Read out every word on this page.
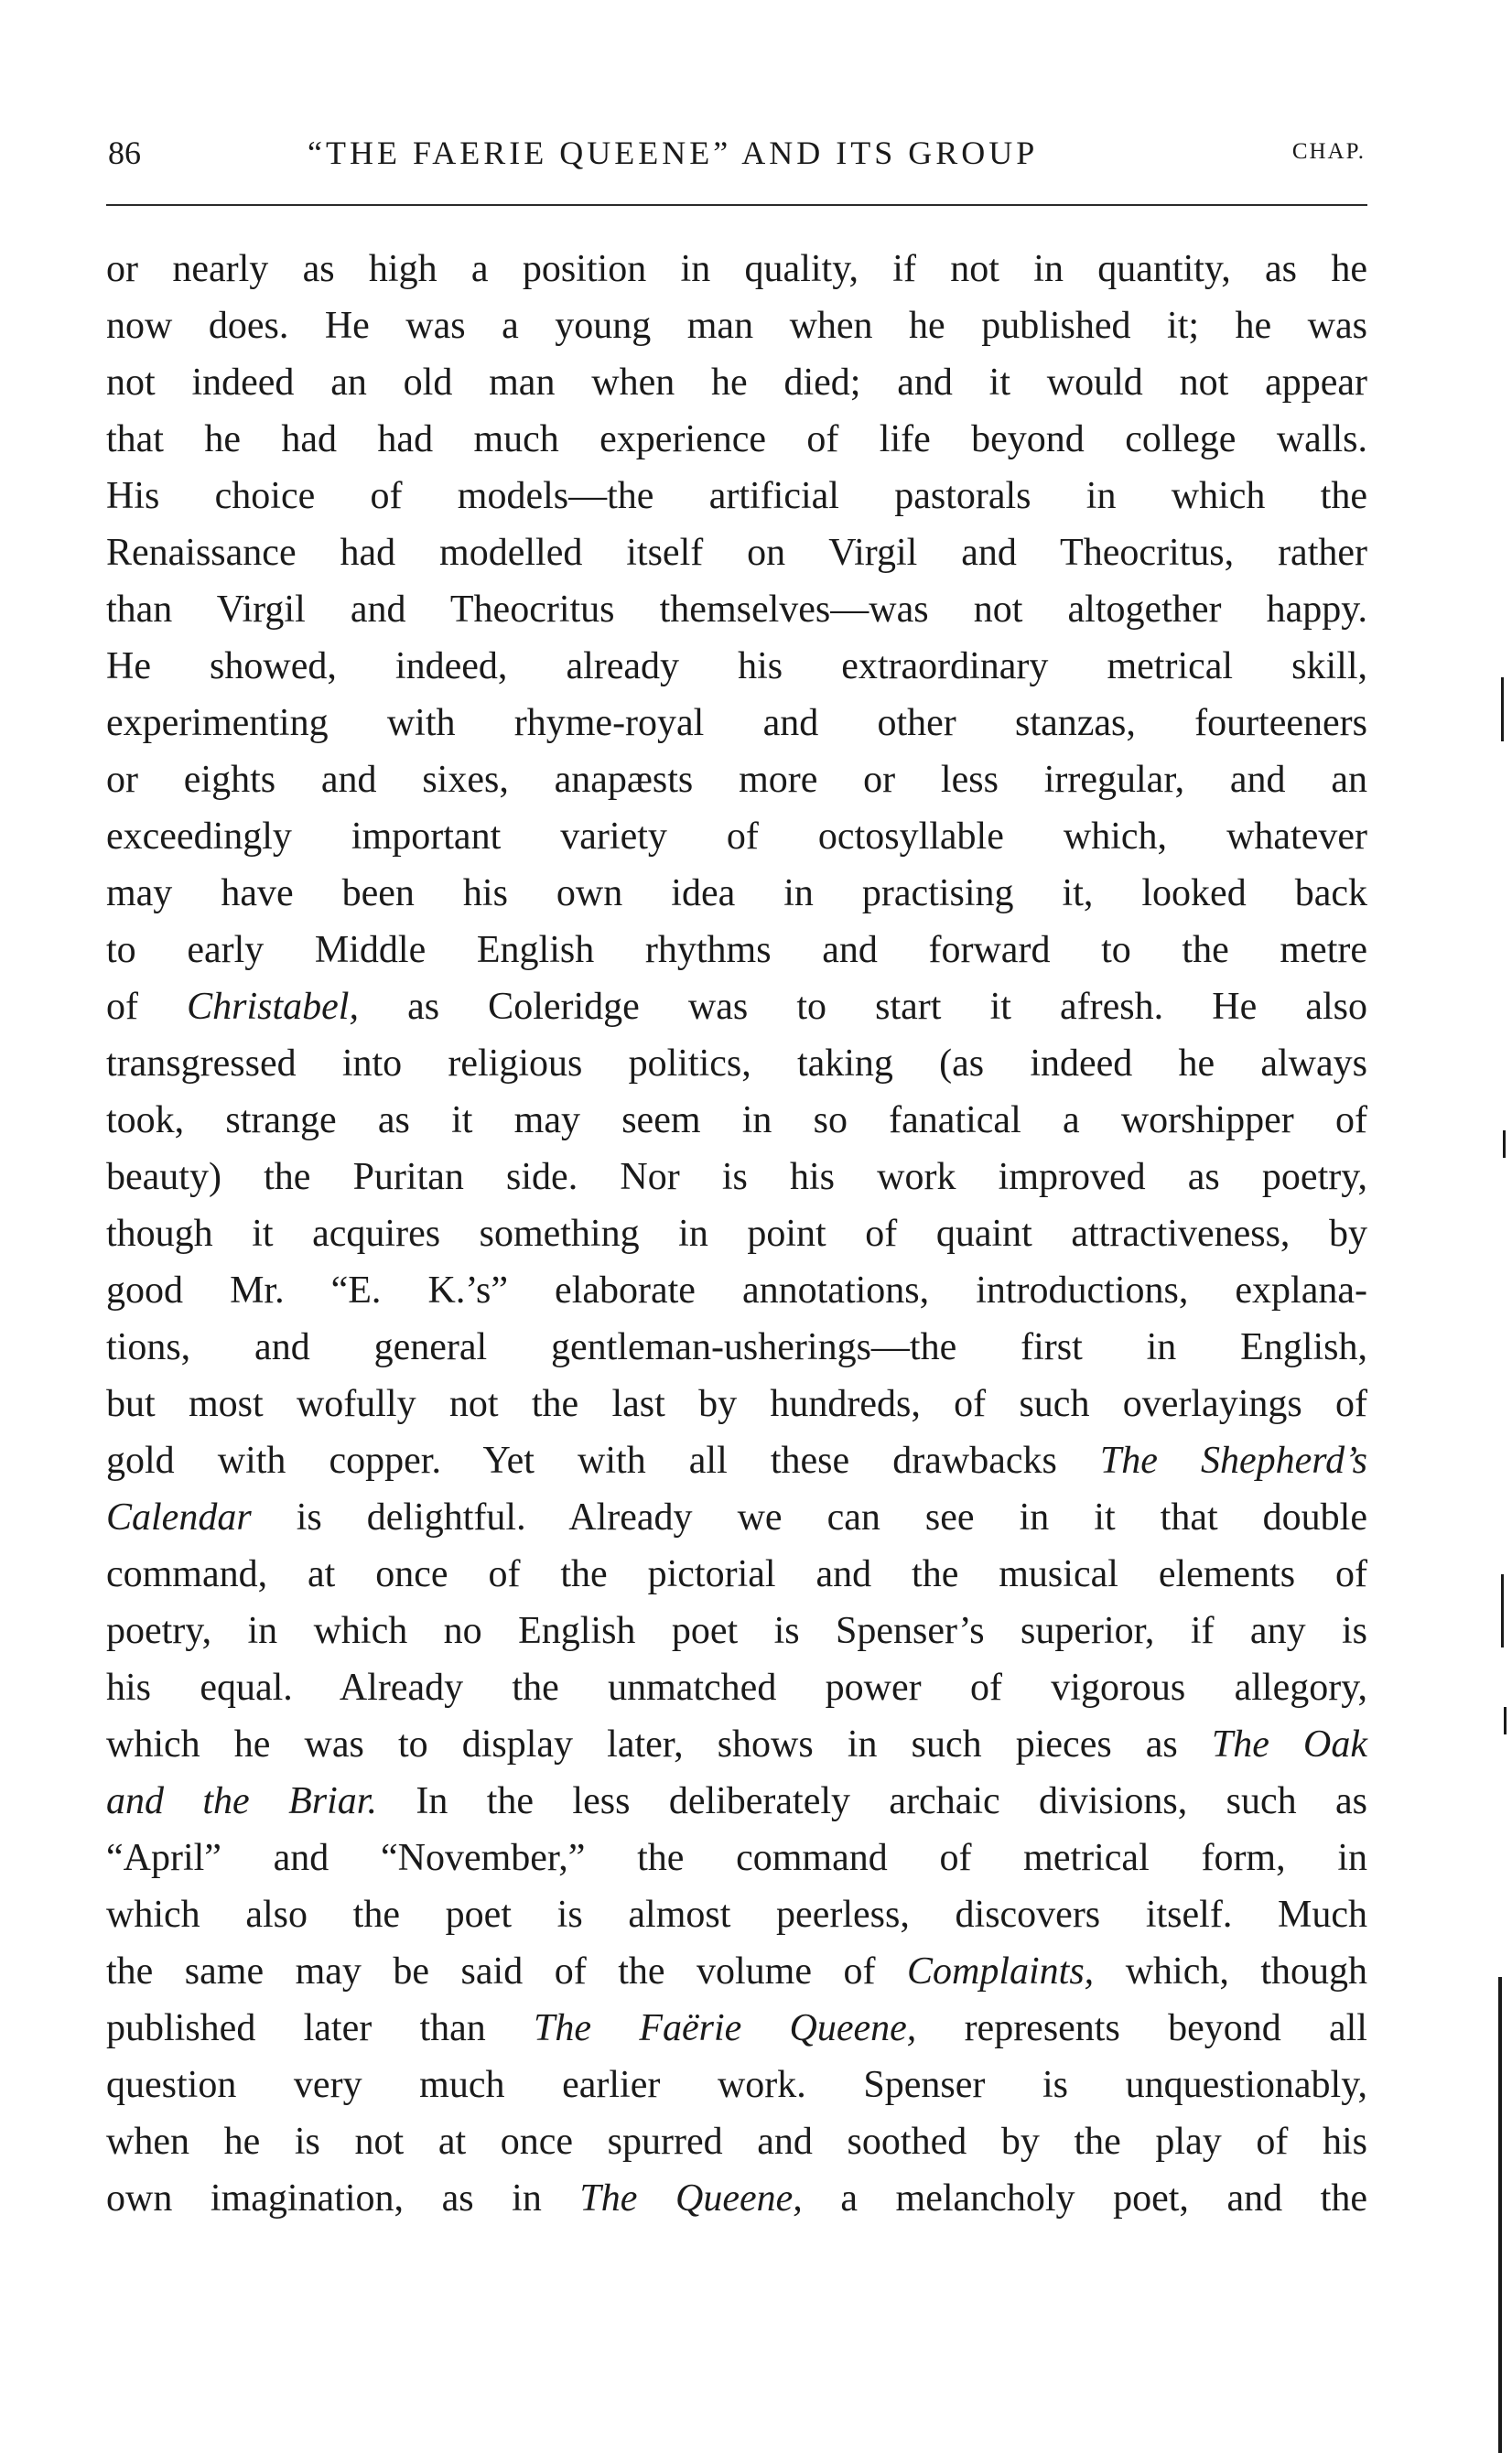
86	“THE FAERIE QUEENE” AND ITS GROUP	CHAP.
or nearly as high a position in quality, if not in quantity, as he
now does. He was a young man when he published it; he was
not indeed an old man when he died; and it would not appear
that he had had much experience of life beyond college walls.
His choice of models—the artificial pastorals in which the
Renaissance had modelled itself on Virgil and Theocritus, rather
than Virgil and Theocritus themselves—was not altogether happy.
He showed, indeed, already his extraordinary metrical skill,
experimenting with rhyme-royal and other stanzas, fourteeners
or eights and sixes, anapæsts more or less irregular, and an
exceedingly important variety of octosyllable which, whatever
may have been his own idea in practising it, looked back
to early Middle English rhythms and forward to the metre
of Christabel, as Coleridge was to start it afresh. He also
transgressed into religious politics, taking (as indeed he always
took, strange as it may seem in so fanatical a worshipper of
beauty) the Puritan side. Nor is his work improved as poetry,
though it acquires something in point of quaint attractiveness, by
good Mr. “E. K.’s” elaborate annotations, introductions, explana-
tions, and general gentleman-usherings—the first in English,
but most wofully not the last by hundreds, of such overlayings of
gold with copper. Yet with all these drawbacks The Shepherd’s
Calendar is delightful. Already we can see in it that double
command, at once of the pictorial and the musical elements of
poetry, in which no English poet is Spenser’s superior, if any is
his equal. Already the unmatched power of vigorous allegory,
which he was to display later, shows in such pieces as The Oak
and the Briar. In the less deliberately archaic divisions, such as
“April” and “November,” the command of metrical form, in
which also the poet is almost peerless, discovers itself. Much
the same may be said of the volume of Complaints, which, though
published later than The Faërie Queene, represents beyond all
question very much earlier work. Spenser is unquestionably,
when he is not at once spurred and soothed by the play of his
own imagination, as in The Queene, a melancholy poet, and the
